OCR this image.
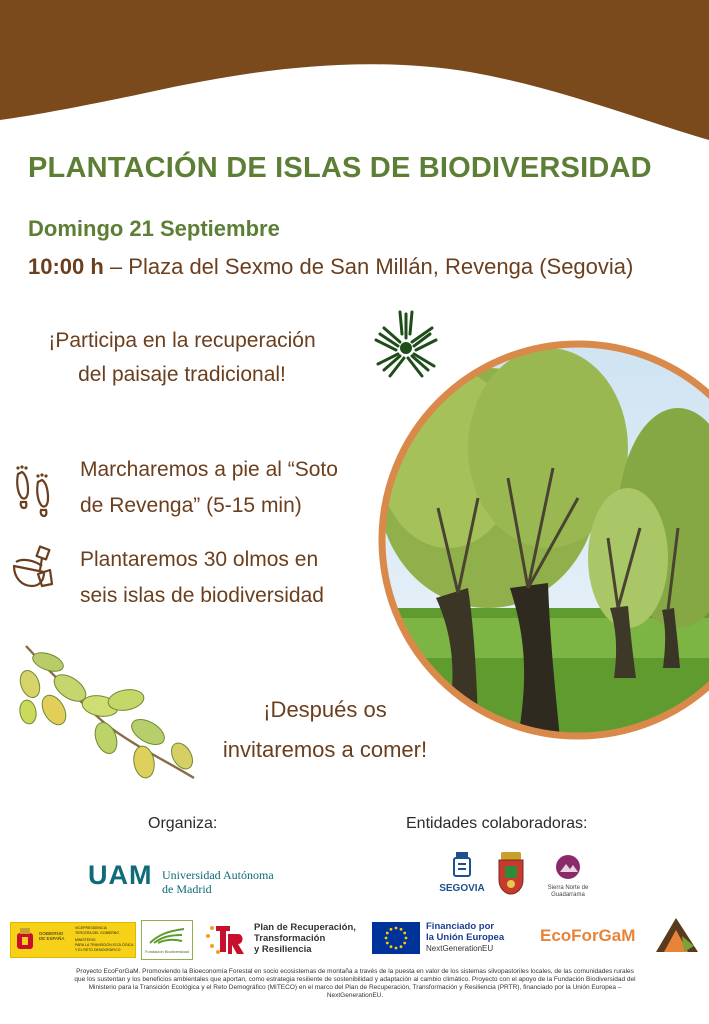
PLANTACIÓN DE ISLAS DE BIODIVERSIDAD
Domingo 21 Septiembre
10:00 h – Plaza del Sexmo de San Millán, Revenga (Segovia)
¡Participa en la recuperación
del paisaje tradicional!
Marcharemos a pie al “Soto
de Revenga” (5-15 min)
Plantaremos 30 olmos en
seis islas de biodiversidad
¡Después os
invitaremos a comer!
Organiza:	Entidades colaboradoras:
UAM Universidad Autónoma
de Madrid	SEGOVIA	Sierra Norte de
Guadarrama
GOBIERNO
DE ESPAÑA
VICEPRESIDENCIA
TERCERA DEL GOBIERNO
MINISTERIO
PARA LA TRANSICIÓN ECOLÓGICA
Y EL RETO DEMOGRÁFICO	Fundación Biodiversidad
Plan de Recuperación,
Transformación
y Resiliencia
Financiado por
la Unión Europea
NextGenerationEU
EcoForGaM
Proyecto EcoForGaM. Promoviendo la Bioeconomía Forestal en socio ecosistemas de montaña a través de la puesta en valor de los sistemas silvopastoriles locales, de las comunidades rurales que los sustentan y los beneficios ambientales que aportan, como estrategia resiliente de sostenibilidad y adaptación al cambio climático. Proyecto con el apoyo de la Fundación Biodiversidad del Ministerio para la Transición Ecológica y el Reto Demográfico (MITECO) en el marco del Plan de Recuperación, Transformación y Resiliencia (PRTR), financiado por la Unión Europea – NextGenerationEU.
